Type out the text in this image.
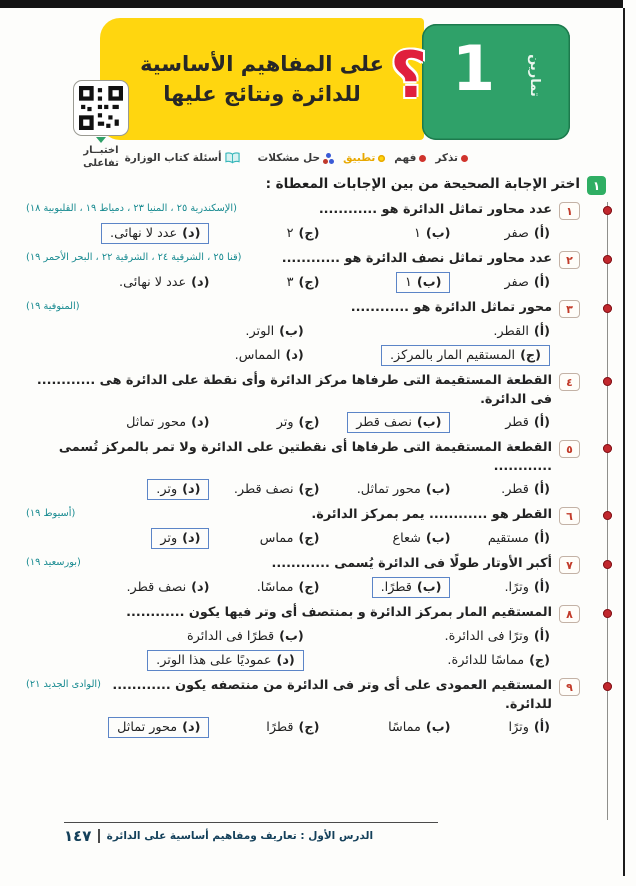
على المفاهيم الأساسية
للدائرة ونتائج عليها 1 تمارين
؟
اختبــار
تفاعلى	تذكر
فهم
تطبيق
حل مشكلات
أسئلة كتاب الوزارة
١
اختر الإجابة الصحيحة من بين الإجابات المعطاة :
١
عدد محاور تماثل الدائرة هو ............
(الإسكندرية ٢٥ ، المنيا ٢٣ ، دمياط ١٩ ، القليوبية ١٨)
(أ)
صفر
(ب)
١
(ج)
٢
(د)
عدد لا نهائى.
٢
عدد محاور تماثل نصف الدائرة هو ............
(قنا ٢٥ ، الشرقية ٢٤ ، الشرقية ٢٢ ، البحر الأحمر ١٩)
(أ)
صفر
(ب)
١
(ج)
٣
(د)
عدد لا نهائى.
٣
محور تماثل الدائرة هو ............
(المنوفية ١٩)
(أ)
القطر.
(ب)
الوتر.
(ج)
المستقيم المار بالمركز.
(د)
المماس.
٤
القطعة المستقيمة التى طرفاها مركز الدائرة وأى نقطة على الدائرة هى ............ فى الدائرة.
(أ)
قطر
(ب)
نصف قطر
(ج)
وتر
(د)
محور تماثل
٥
القطعة المستقيمة التى طرفاها أى نقطتين على الدائرة ولا تمر بالمركز تُسمى ............
(أ)
قطر.
(ب)
محور تماثل.
(ج)
نصف قطر.
(د)
وتر.
٦
القطر هو ............ يمر بمركز الدائرة.
(أسيوط ١٩)
(أ)
مستقيم
(ب)
شعاع
(ج)
مماس
(د)
وتر
٧
أكبر الأوتار طولًا فى الدائرة يُسمى ............
(بورسعيد ١٩)
(أ)
وترًا.
(ب)
قطرًا.
(ج)
مماسًا.
(د)
نصف قطر.
٨
المستقيم المار بمركز الدائرة و بمنتصف أى وتر فيها يكون ............
(أ)
وترًا فى الدائرة.
(ب)
قطرًا فى الدائرة
(ج)
مماسًا للدائرة.
(د)
عموديًا على هذا الوتر.
٩
المستقيم العمودى على أى وتر فى الدائرة من منتصفه يكون ............ للدائرة.
(الوادى الجديد ٢١)
(أ)
وترًا
(ب)
مماسًا
(ج)
قطرًا
(د)
محور تماثل
الدرس الأول : تعاريف ومفاهيم أساسية على الدائرة
١٤٧
